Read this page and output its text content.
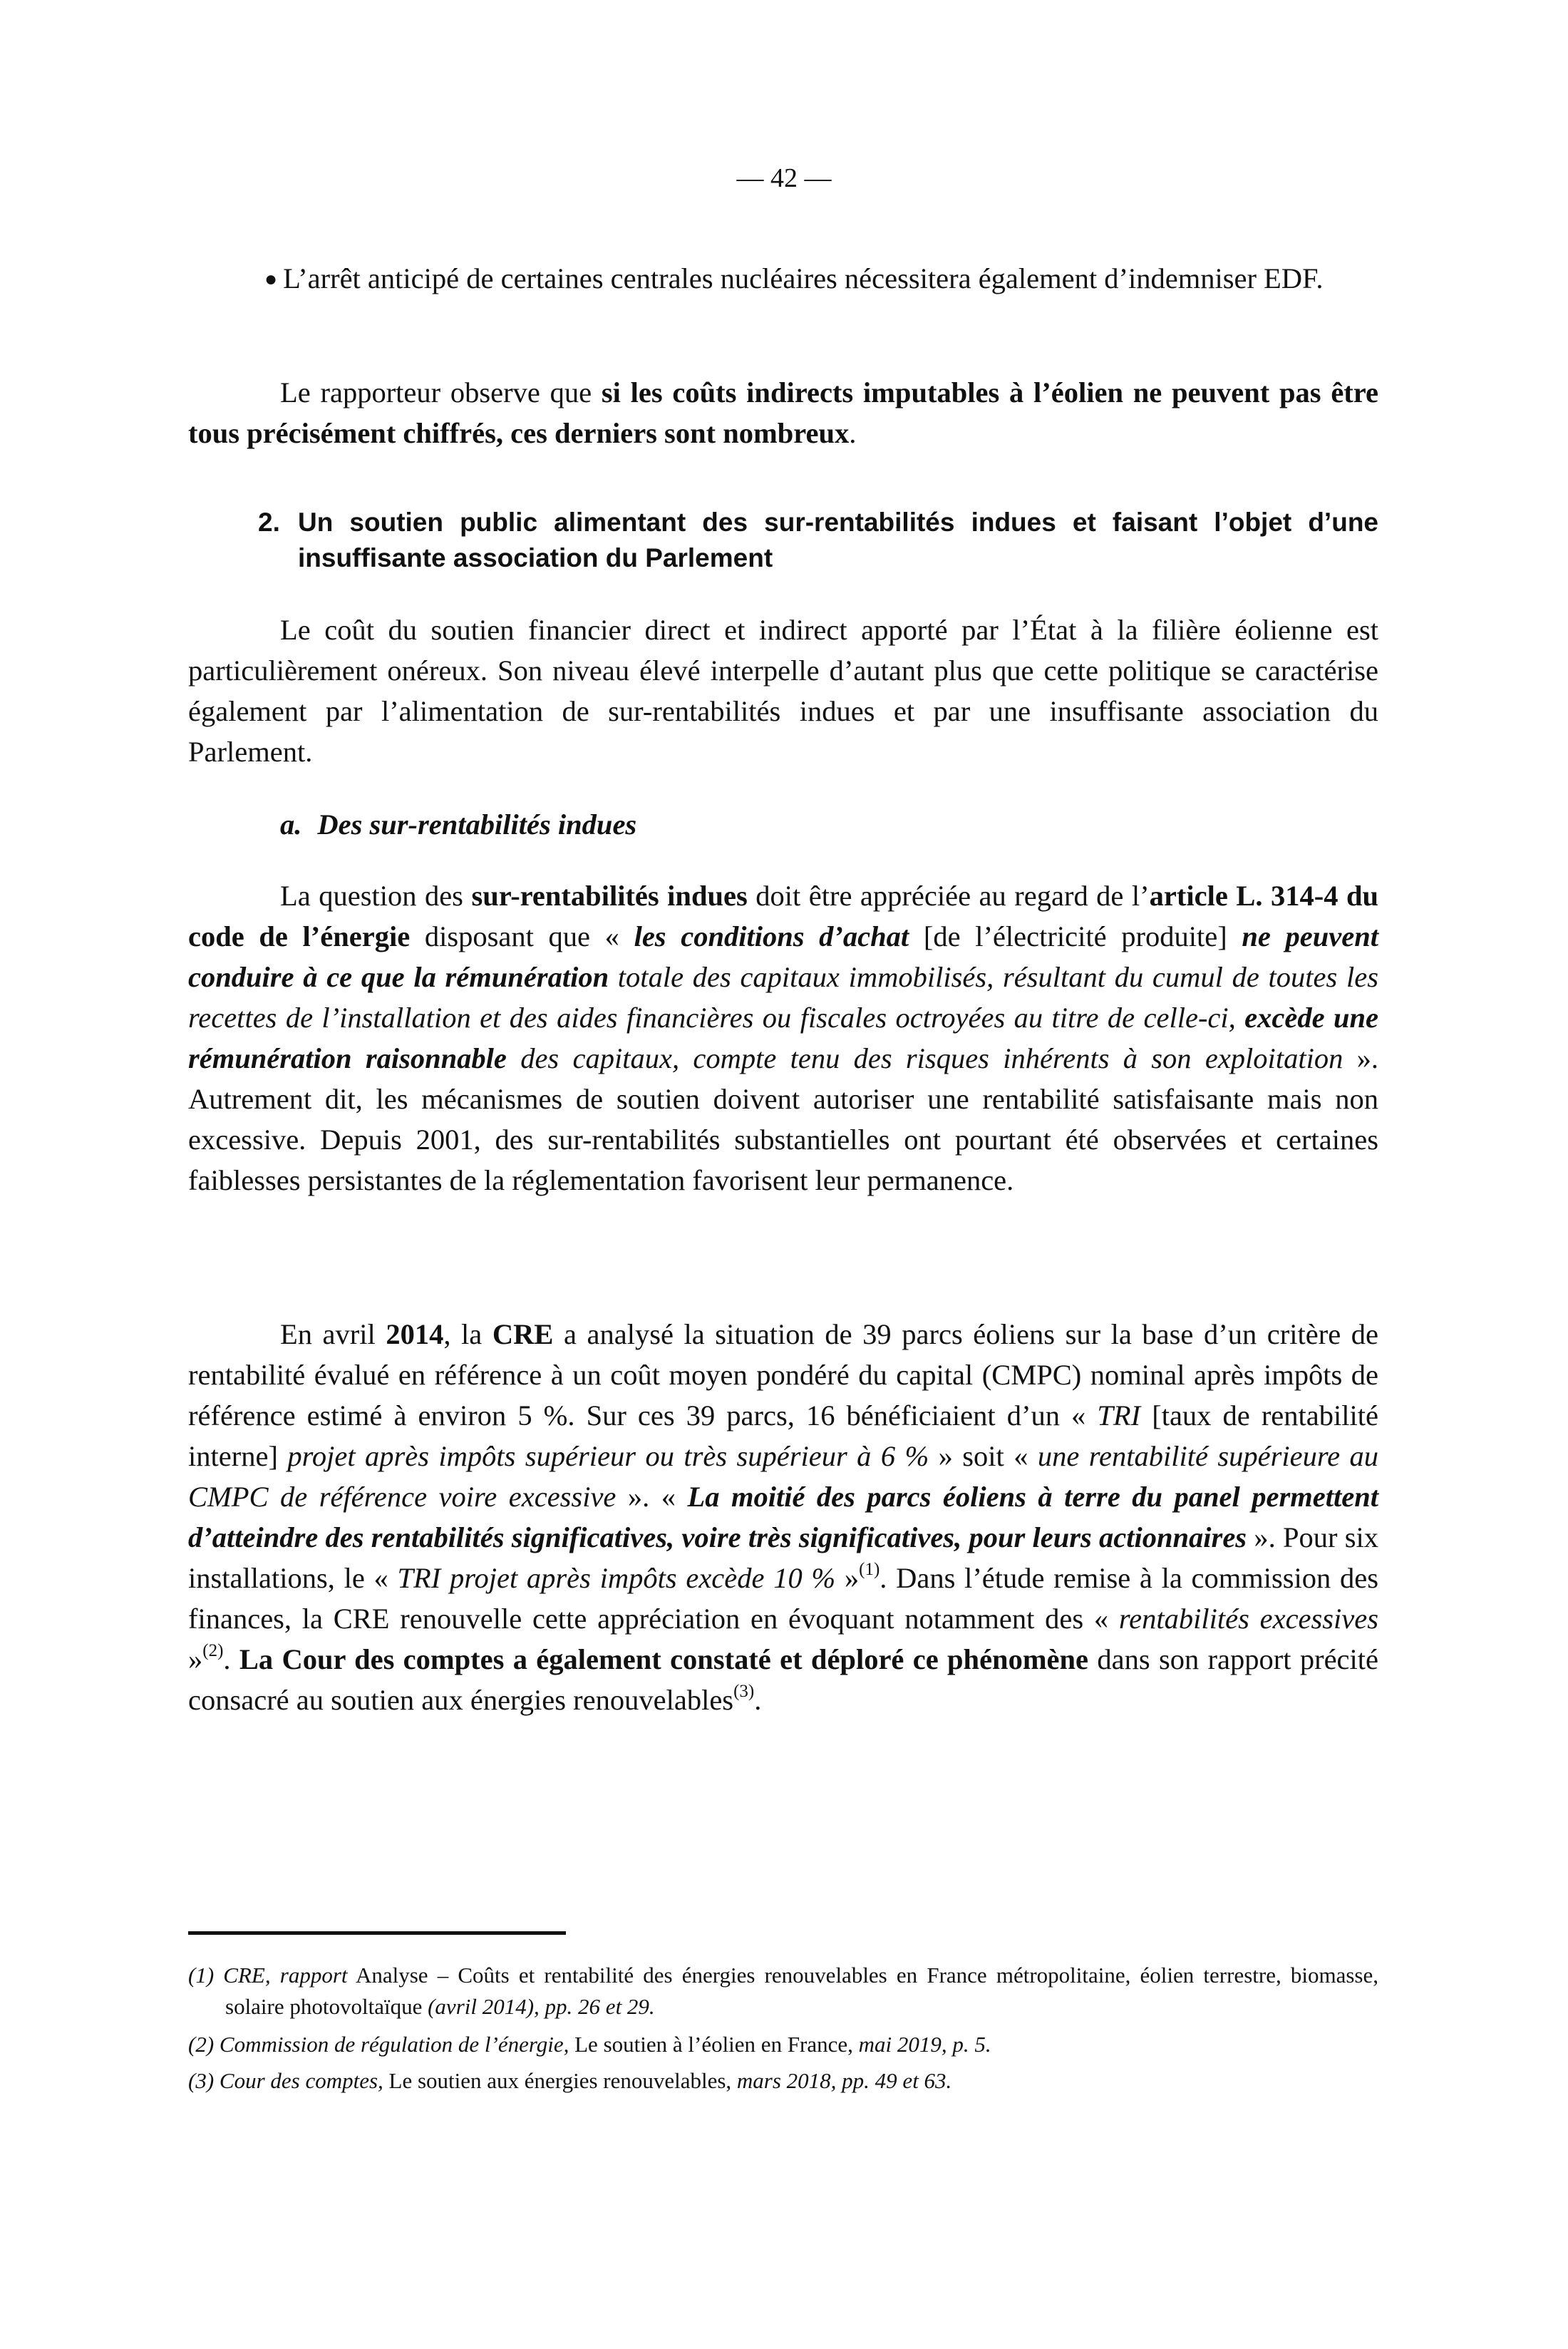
— 42 —

● L’arrêt anticipé de certaines centrales nucléaires nécessitera également d’indemniser EDF.

Le rapporteur observe que si les coûts indirects imputables à l’éolien ne peuvent pas être tous précisément chiffrés, ces derniers sont nombreux.

2. Un soutien public alimentant des sur-rentabilités indues et faisant l’objet d’une insuffisante association du Parlement

Le coût du soutien financier direct et indirect apporté par l’État à la filière éolienne est particulièrement onéreux. Son niveau élevé interpelle d’autant plus que cette politique se caractérise également par l’alimentation de sur-rentabilités indues et par une insuffisante association du Parlement.

a. Des sur-rentabilités indues

La question des sur-rentabilités indues doit être appréciée au regard de l’article L. 314-4 du code de l’énergie disposant que « les conditions d’achat [de l’électricité produite] ne peuvent conduire à ce que la rémunération totale des capitaux immobilisés, résultant du cumul de toutes les recettes de l’installation et des aides financières ou fiscales octroyées au titre de celle-ci, excède une rémunération raisonnable des capitaux, compte tenu des risques inhérents à son exploitation ». Autrement dit, les mécanismes de soutien doivent autoriser une rentabilité satisfaisante mais non excessive. Depuis 2001, des sur-rentabilités substantielles ont pourtant été observées et certaines faiblesses persistantes de la réglementation favorisent leur permanence.

En avril 2014, la CRE a analysé la situation de 39 parcs éoliens sur la base d’un critère de rentabilité évalué en référence à un coût moyen pondéré du capital (CMPC) nominal après impôts de référence estimé à environ 5 %. Sur ces 39 parcs, 16 bénéficiaient d’un « TRI [taux de rentabilité interne] projet après impôts supérieur ou très supérieur à 6 % » soit « une rentabilité supérieure au CMPC de référence voire excessive ». « La moitié des parcs éoliens à terre du panel permettent d’atteindre des rentabilités significatives, voire très significatives, pour leurs actionnaires ». Pour six installations, le « TRI projet après impôts excède 10 % »$^{(1)}$. Dans l’étude remise à la commission des finances, la CRE renouvelle cette appréciation en évoquant notamment des « rentabilités excessives »$^{(2)}$. La Cour des comptes a également constaté et déploré ce phénomène dans son rapport précité consacré au soutien aux énergies renouvelables$^{(3)}$.

(1) CRE, rapport Analyse – Coûts et rentabilité des énergies renouvelables en France métropolitaine, éolien terrestre, biomasse, solaire photovoltaïque (avril 2014), pp. 26 et 29.
(2) Commission de régulation de l’énergie, Le soutien à l’éolien en France, mai 2019, p. 5.
(3) Cour des comptes, Le soutien aux énergies renouvelables, mars 2018, pp. 49 et 63.
